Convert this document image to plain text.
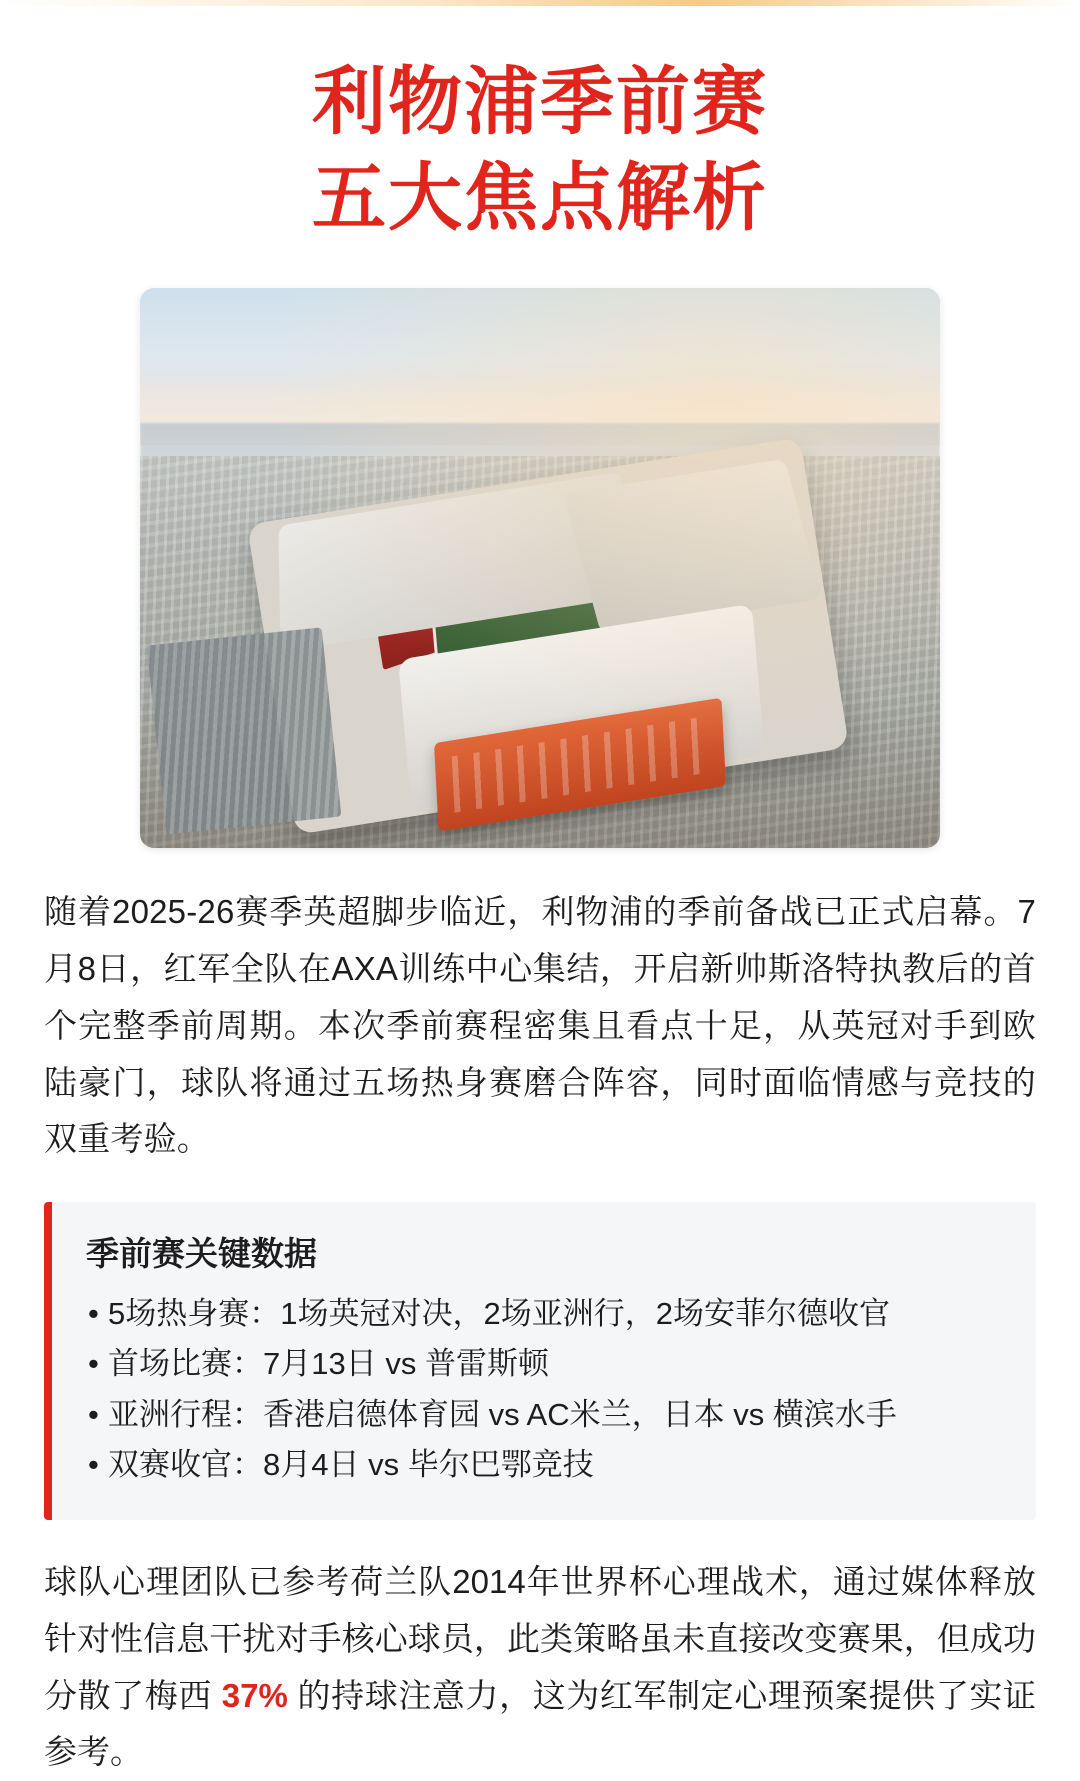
利物浦季前赛
五大焦点解析

随着2025-26赛季英超脚步临近，利物浦的季前备战已正式启幕。7月8日，红军全队在AXA训练中心集结，开启新帅斯洛特执教后的首个完整季前周期。本次季前赛程密集且看点十足，从英冠对手到欧陆豪门，球队将通过五场热身赛磨合阵容，同时面临情感与竞技的双重考验。

季前赛关键数据
• 5场热身赛：1场英冠对决，2场亚洲行，2场安菲尔德收官
• 首场比赛：7月13日 vs 普雷斯顿
• 亚洲行程：香港启德体育园 vs AC米兰，日本 vs 横滨水手
• 双赛收官：8月4日 vs 毕尔巴鄂竞技

球队心理团队已参考荷兰队2014年世界杯心理战术，通过媒体释放针对性信息干扰对手核心球员，此类策略虽未直接改变赛果，但成功分散了梅西 37% 的持球注意力，这为红军制定心理预案提供了实证参考。
